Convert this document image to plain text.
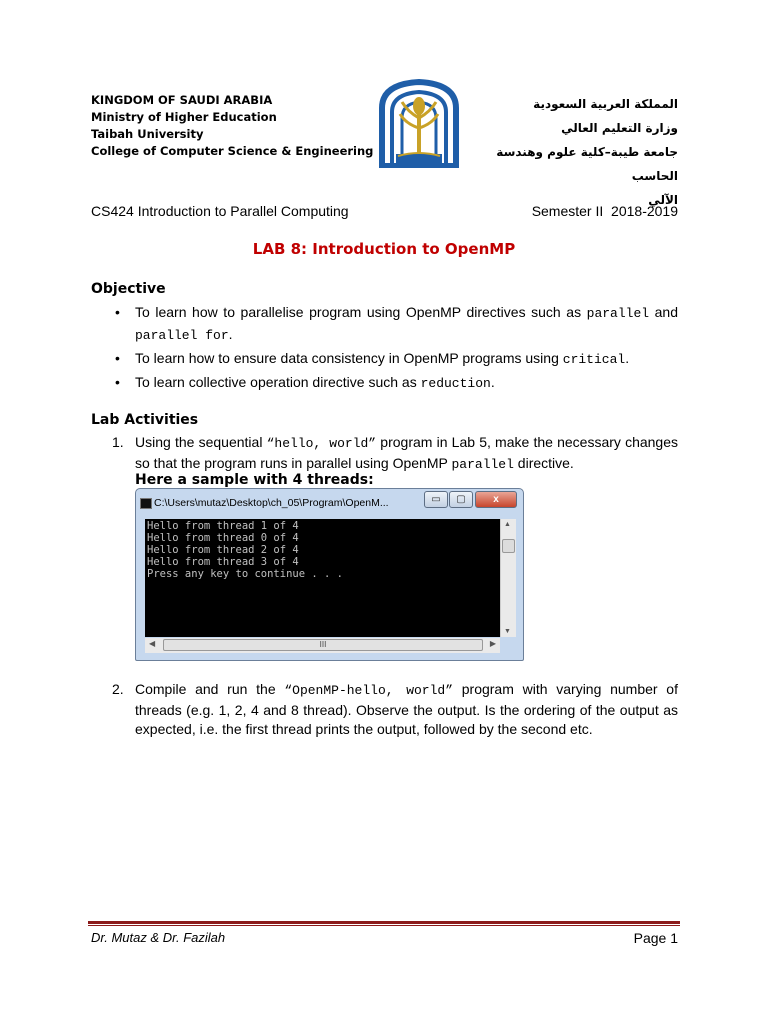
KINGDOM OF SAUDI ARABIA
Ministry of Higher Education
Taibah University
College of Computer Science & Engineering
المملكة العربية السعودية
وزارة التعليم العالي
جامعة طيبة–كلية علوم وهندسة الحاسب
الآلي
CS424 Introduction to Parallel Computing	Semester II  2018-2019
LAB 8: Introduction to OpenMP
Objective
• To learn how to parallelise program using OpenMP directives such as parallel and parallel for.
• To learn how to ensure data consistency in OpenMP programs using critical.
• To learn collective operation directive such as reduction.
Lab Activities
1. Using the sequential “hello, world” program in Lab 5, make the necessary changes so that the program runs in parallel using OpenMP parallel directive.
Here a sample with 4 threads:
C:\Users\mutaz\Desktop\ch_05\Program\OpenM...	▭	▢	x
Hello from thread 1 of 4
Hello from thread 0 of 4
Hello from thread 2 of 4
Hello from thread 3 of 4
Press any key to continue . . .
▲
▼
◀	III	▶
2. Compile and run the “OpenMP-hello, world” program with varying number of threads (e.g. 1, 2, 4 and 8 thread). Observe the output. Is the ordering of the output as expected, i.e. the first thread prints the output, followed by the second etc.
Dr. Mutaz & Dr. Fazilah	Page 1
